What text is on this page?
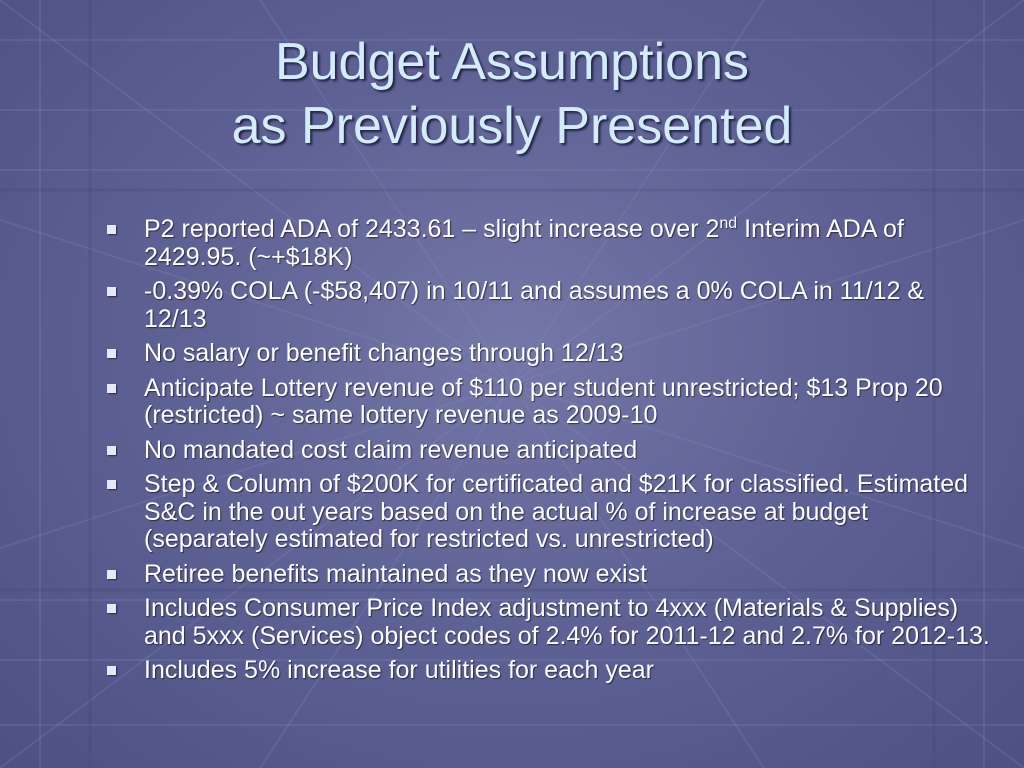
Budget Assumptions
as Previously Presented
P2 reported ADA of 2433.61 – slight increase over 2nd Interim ADA of 2429.95. (~+$18K)
-0.39% COLA (-$58,407) in 10/11 and assumes a 0% COLA in 11/12 & 12/13
No salary or benefit changes through 12/13
Anticipate Lottery revenue of $110 per student unrestricted; $13 Prop 20 (restricted) ~ same lottery revenue as 2009-10
No mandated cost claim revenue anticipated
Step & Column of $200K for certificated and $21K for classified. Estimated S&C in the out years based on the actual % of increase at budget (separately estimated for restricted vs. unrestricted)
Retiree benefits maintained as they now exist
Includes Consumer Price Index adjustment to 4xxx (Materials & Supplies) and 5xxx (Services) object codes of 2.4% for 2011-12 and 2.7% for 2012-13.
Includes 5% increase for utilities for each year
